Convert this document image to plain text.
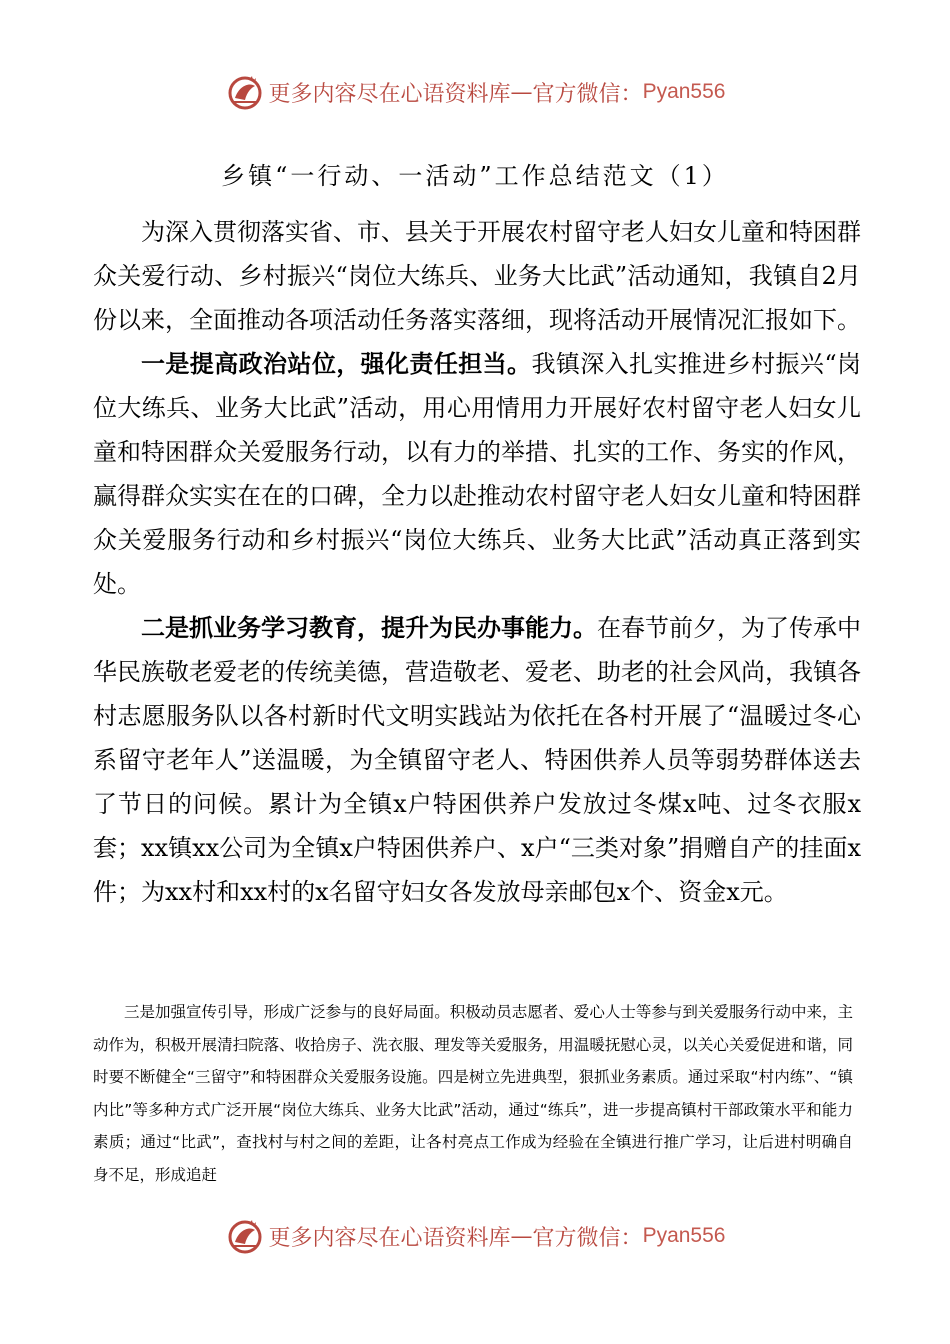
更多内容尽在心语资料库 — 官方微信： Pyan556
乡镇“一行动、一活动”工作总结范文（1）

为深入贯彻落实省、市、县关于开展农村留守老人妇女儿童和特困群众关爱行动、乡村振兴“岗位大练兵、业务大比武”活动通知，我镇自2月份以来，全面推动各项活动任务落实落细，现将活动开展情况汇报如下。

一是提高政治站位，强化责任担当。我镇深入扎实推进乡村振兴“岗位大练兵、业务大比武”活动，用心用情用力开展好农村留守老人妇女儿童和特困群众关爱服务行动，以有力的举措、扎实的工作、务实的作风，赢得群众实实在在的口碑，全力以赴推动农村留守老人妇女儿童和特困群众关爱服务行动和乡村振兴“岗位大练兵、业务大比武”活动真正落到实处。

二是抓业务学习教育，提升为民办事能力。在春节前夕，为了传承中华民族敬老爱老的传统美德，营造敬老、爱老、助老的社会风尚，我镇各村志愿服务队以各村新时代文明实践站为依托在各村开展了“温暖过冬心系留守老年人”送温暖，为全镇留守老人、特困供养人员等弱势群体送去了节日的问候。累计为全镇x户特困供养户发放过冬煤x吨、过冬衣服x套；xx镇xx公司为全镇x户特困供养户、x户“三类对象”捐赠自产的挂面x件；为xx村和xx村的x名留守妇女各发放母亲邮包x个、资金x元。

三是加强宣传引导，形成广泛参与的良好局面。积极动员志愿者、爱心人士等参与到关爱服务行动中来，主动作为，积极开展清扫院落、收拾房子、洗衣服、理发等关爱服务，用温暖抚慰心灵，以关心关爱促进和谐，同时要不断健全“三留守”和特困群众关爱服务设施。四是树立先进典型，狠抓业务素质。通过采取“村内练”、“镇内比”等多种方式广泛开展“岗位大练兵、业务大比武”活动，通过“练兵”，进一步提高镇村干部政策水平和能力素质；通过“比武”，查找村与村之间的差距，让各村亮点工作成为经验在全镇进行推广学习，让后进村明确自身不足，形成追赶

更多内容尽在心语资料库 — 官方微信： Pyan556
